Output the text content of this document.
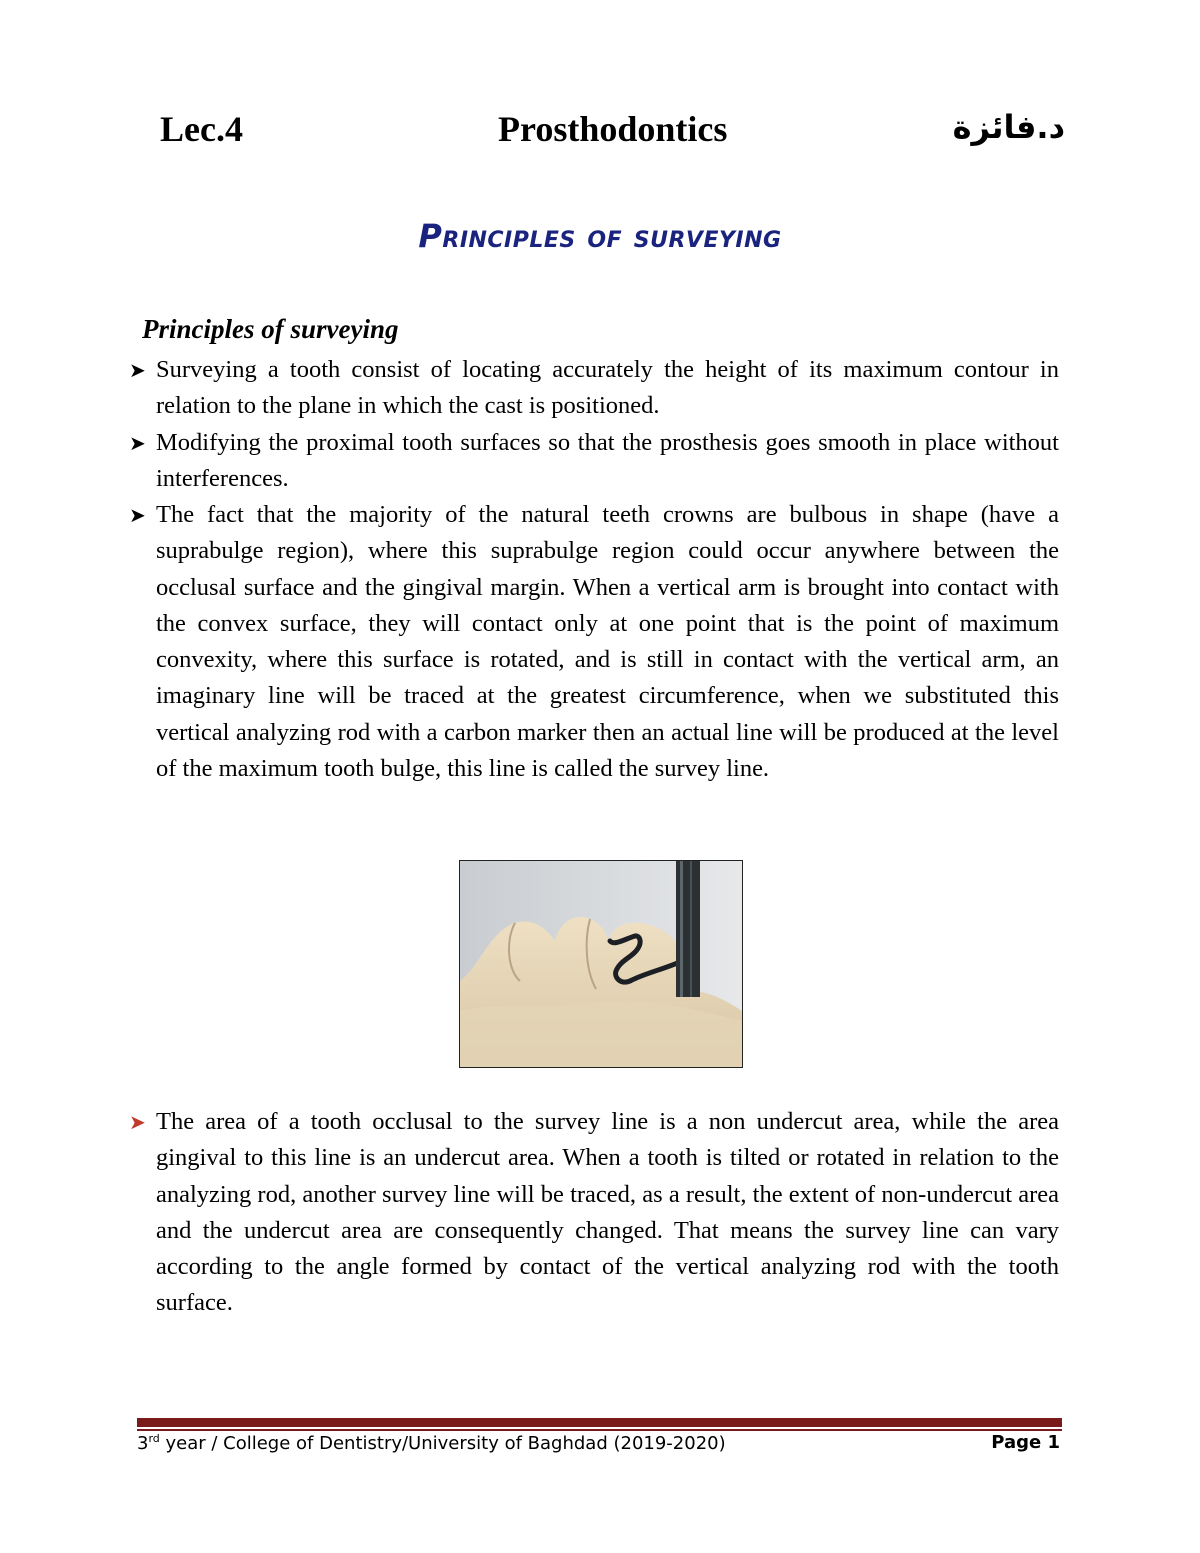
Lec.4	Prosthodontics	د.فائزة
Principles of surveying
Principles of surveying
➤ Surveying a tooth consist of locating accurately the height of its maximum contour in relation to the plane in which the cast is positioned.
➤ Modifying the proximal tooth surfaces so that the prosthesis goes smooth in place without interferences.
➤ The fact that the majority of the natural teeth crowns are bulbous in shape (have a suprabulge region), where this suprabulge region could occur anywhere between the occlusal surface and the gingival margin. When a vertical arm is brought into contact with the convex surface, they will contact only at one point that is the point of maximum convexity, where this surface is rotated, and is still in contact with the vertical arm, an imaginary line will be traced at the greatest circumference, when we substituted this vertical analyzing rod with a carbon marker then an actual line will be produced at the level of the maximum tooth bulge, this line is called the survey line.
➤ The area of a tooth occlusal to the survey line is a non undercut area, while the area gingival to this line is an undercut area. When a tooth is tilted or rotated in relation to the analyzing rod, another survey line will be traced, as a result, the extent of non-undercut area and the undercut area are consequently changed. That means the survey line can vary according to the angle formed by contact of the vertical analyzing rod with the tooth surface.
3rd year / College of Dentistry/University of Baghdad (2019-2020)	Page 1
